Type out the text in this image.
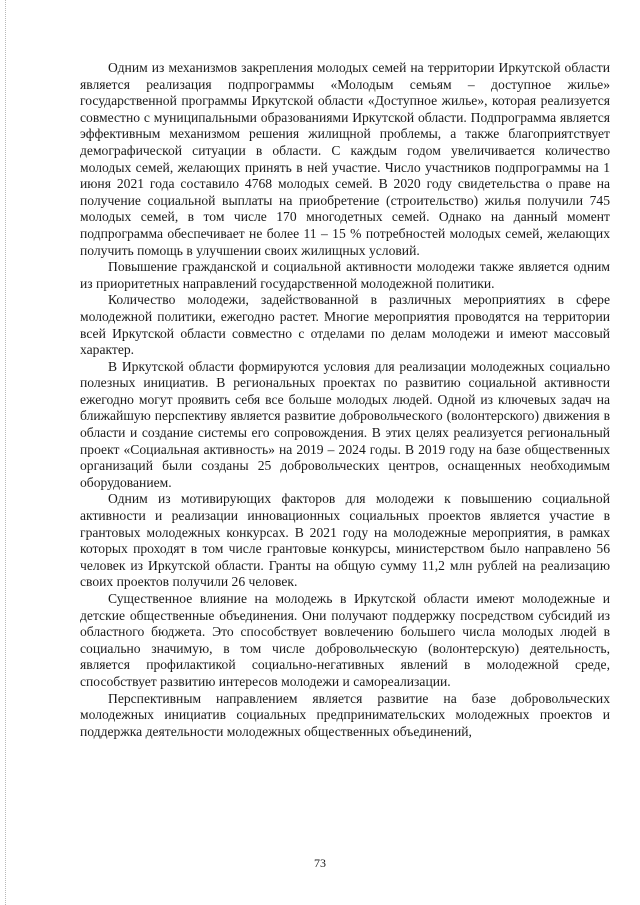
Одним из механизмов закрепления молодых семей на территории Иркутской области является реализация подпрограммы «Молодым семьям – доступное жилье» государственной программы Иркутской области «Доступное жилье», которая реализуется совместно с муниципальными образованиями Иркутской области. Подпрограмма является эффективным механизмом решения жилищной проблемы, а также благоприятствует демографической ситуации в области. С каждым годом увеличивается количество молодых семей, желающих принять в ней участие. Число участников подпрограммы на 1 июня 2021 года составило 4768 молодых семей. В 2020 году свидетельства о праве на получение социальной выплаты на приобретение (строительство) жилья получили 745 молодых семей, в том числе 170 многодетных семей. Однако на данный момент подпрограмма обеспечивает не более 11 – 15 % потребностей молодых семей, желающих получить помощь в улучшении своих жилищных условий.

Повышение гражданской и социальной активности молодежи также является одним из приоритетных направлений государственной молодежной политики.

Количество молодежи, задействованной в различных мероприятиях в сфере молодежной политики, ежегодно растет. Многие мероприятия проводятся на территории всей Иркутской области совместно с отделами по делам молодежи и имеют массовый характер.

В Иркутской области формируются условия для реализации молодежных социально полезных инициатив. В региональных проектах по развитию социальной активности ежегодно могут проявить себя все больше молодых людей. Одной из ключевых задач на ближайшую перспективу является развитие добровольческого (волонтерского) движения в области и создание системы его сопровождения. В этих целях реализуется региональный проект «Социальная активность» на 2019 – 2024 годы. В 2019 году на базе общественных организаций были созданы 25 добровольческих центров, оснащенных необходимым оборудованием.

Одним из мотивирующих факторов для молодежи к повышению социальной активности и реализации инновационных социальных проектов является участие в грантовых молодежных конкурсах. В 2021 году на молодежные мероприятия, в рамках которых проходят в том числе грантовые конкурсы, министерством было направлено 56 человек из Иркутской области. Гранты на общую сумму 11,2 млн рублей на реализацию своих проектов получили 26 человек.

Существенное влияние на молодежь в Иркутской области имеют молодежные и детские общественные объединения. Они получают поддержку посредством субсидий из областного бюджета. Это способствует вовлечению большего числа молодых людей в социально значимую, в том числе добровольческую (волонтерскую) деятельность, является профилактикой социально-негативных явлений в молодежной среде, способствует развитию интересов молодежи и самореализации.

Перспективным направлением является развитие на базе добровольческих молодежных инициатив социальных предпринимательских молодежных проектов и поддержка деятельности молодежных общественных объединений,

73
